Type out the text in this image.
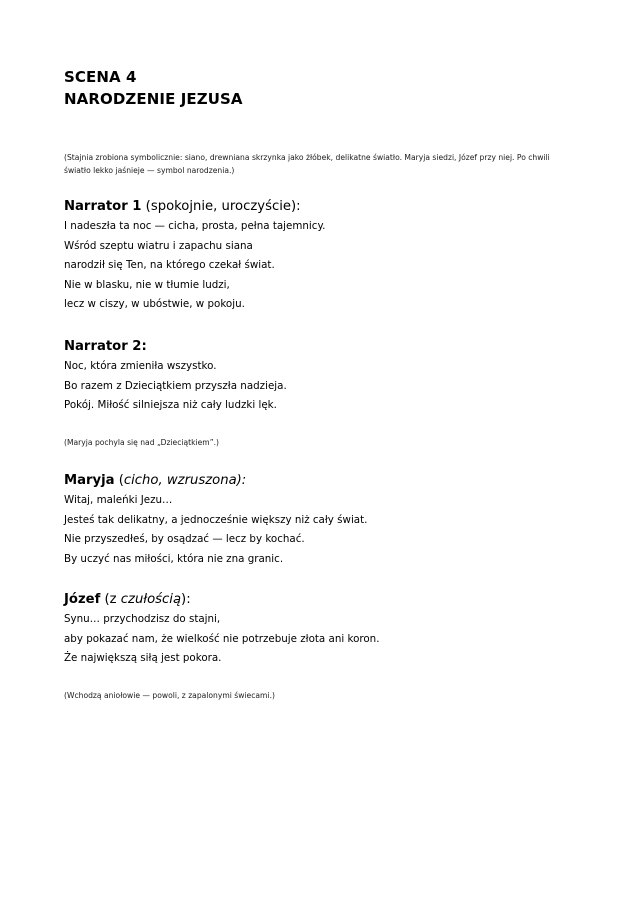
SCENA 4
NARODZENIE JEZUSA
(Stajnia zrobiona symbolicznie: siano, drewniana skrzynka jako żłóbek, delikatne światło. Maryja siedzi, Józef przy niej. Po chwili światło lekko jaśnieje — symbol narodzenia.)
Narrator 1 (spokojnie, uroczyście):
I nadeszła ta noc — cicha, prosta, pełna tajemnicy.
Wśród szeptu wiatru i zapachu siana
narodził się Ten, na którego czekał świat.
Nie w blasku, nie w tłumie ludzi,
lecz w ciszy, w ubóstwie, w pokoju.
Narrator 2:
Noc, która zmieniła wszystko.
Bo razem z Dzieciątkiem przyszła nadzieja.
Pokój. Miłość silniejsza niż cały ludzki lęk.
(Maryja pochyla się nad „Dzieciątkiem”.)
Maryja (cicho, wzruszona):
Witaj, maleńki Jezu…
Jesteś tak delikatny, a jednocześnie większy niż cały świat.
Nie przyszedłeś, by osądzać — lecz by kochać.
By uczyć nas miłości, która nie zna granic.
Józef (z czułością):
Synu… przychodzisz do stajni,
aby pokazać nam, że wielkość nie potrzebuje złota ani koron.
Że największą siłą jest pokora.
(Wchodzą aniołowie — powoli, z zapalonymi świecami.)
